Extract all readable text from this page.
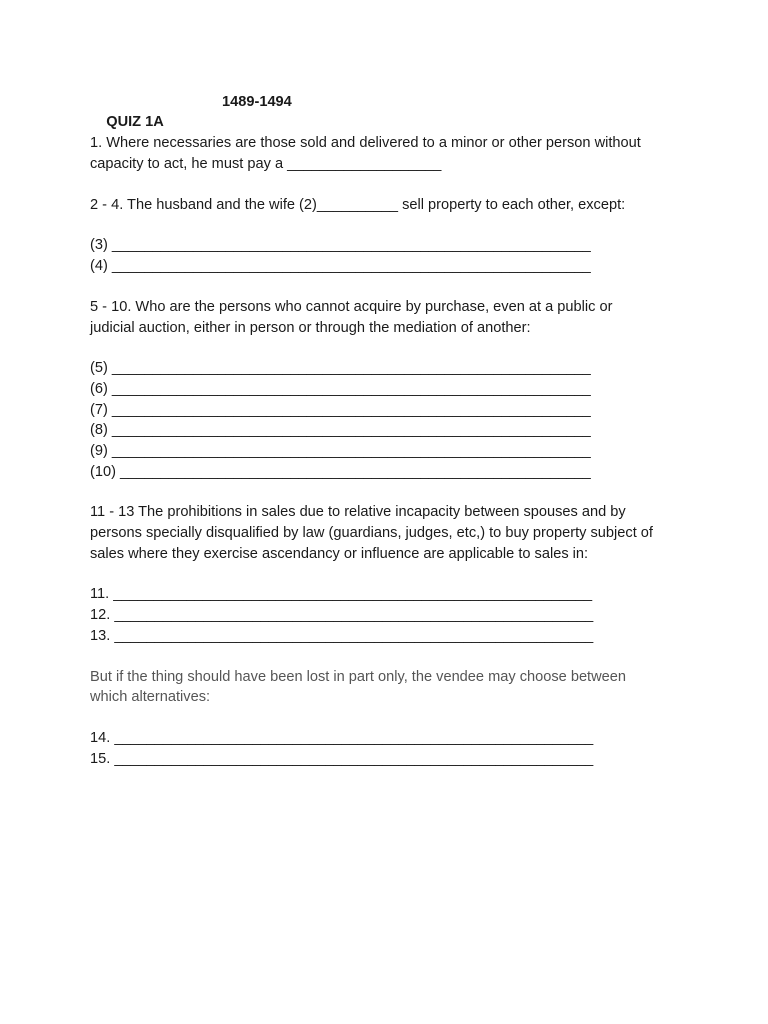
QUIZ 1A

1489-1494

1. Where necessaries are those sold and delivered to a minor or other person without
capacity to act, he must pay a ___________________
2 - 4. The husband and the wife (2)__________ sell property to each other, except:
(3) ___________________________________________________________
(4) ___________________________________________________________
5 - 10. Who are the persons who cannot acquire by purchase, even at a public or
judicial auction, either in person or through the mediation of another:
(5) ___________________________________________________________
(6) ___________________________________________________________
(7) ___________________________________________________________
(8) ___________________________________________________________
(9) ___________________________________________________________
(10) __________________________________________________________
11 - 13 The prohibitions in sales due to relative incapacity between spouses and by
persons specially disqualified by law (guardians, judges, etc,) to buy property subject of
sales where they exercise ascendancy or influence are applicable to sales in:
11. ___________________________________________________________
12. ___________________________________________________________
13. ___________________________________________________________
But if the thing should have been lost in part only, the vendee may choose between
which alternatives:
14. ___________________________________________________________
15. ___________________________________________________________
